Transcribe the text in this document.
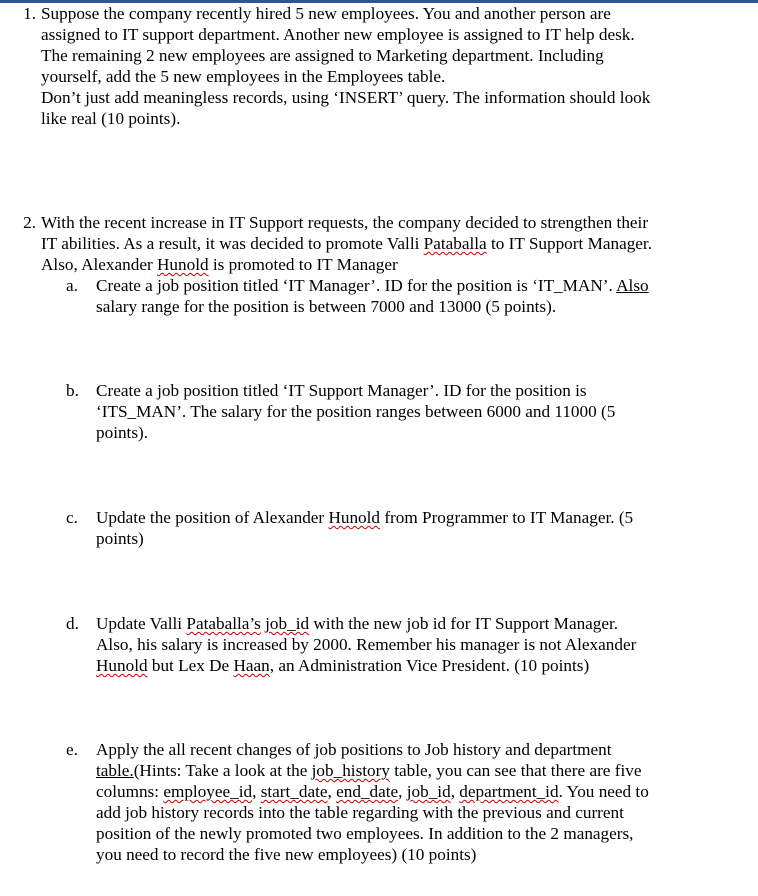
1. Suppose the company recently hired 5 new employees. You and another person are
assigned to IT support department. Another new employee is assigned to IT help desk.
The remaining 2 new employees are assigned to Marketing department. Including
yourself, add the 5 new employees in the Employees table.
Don’t just add meaningless records, using ‘INSERT’ query. The information should look
like real (10 points).
2. With the recent increase in IT Support requests, the company decided to strengthen their
IT abilities. As a result, it was decided to promote Valli Pataballa to IT Support Manager.
Also, Alexander Hunold is promoted to IT Manager
a. Create a job position titled ‘IT Manager’. ID for the position is ‘IT_MAN’. Also
salary range for the position is between 7000 and 13000 (5 points).
b. Create a job position titled ‘IT Support Manager’. ID for the position is
‘ITS_MAN’. The salary for the position ranges between 6000 and 11000 (5
points).
c. Update the position of Alexander Hunold from Programmer to IT Manager. (5
points)
d. Update Valli Pataballa’s job_id with the new job id for IT Support Manager.
Also, his salary is increased by 2000. Remember his manager is not Alexander
Hunold but Lex De Haan, an Administration Vice President. (10 points)
e. Apply the all recent changes of job positions to Job history and department
table.(Hints: Take a look at the job_history table, you can see that there are five
columns: employee_id, start_date, end_date, job_id, department_id. You need to
add job history records into the table regarding with the previous and current
position of the newly promoted two employees. In addition to the 2 managers,
you need to record the five new employees) (10 points)
